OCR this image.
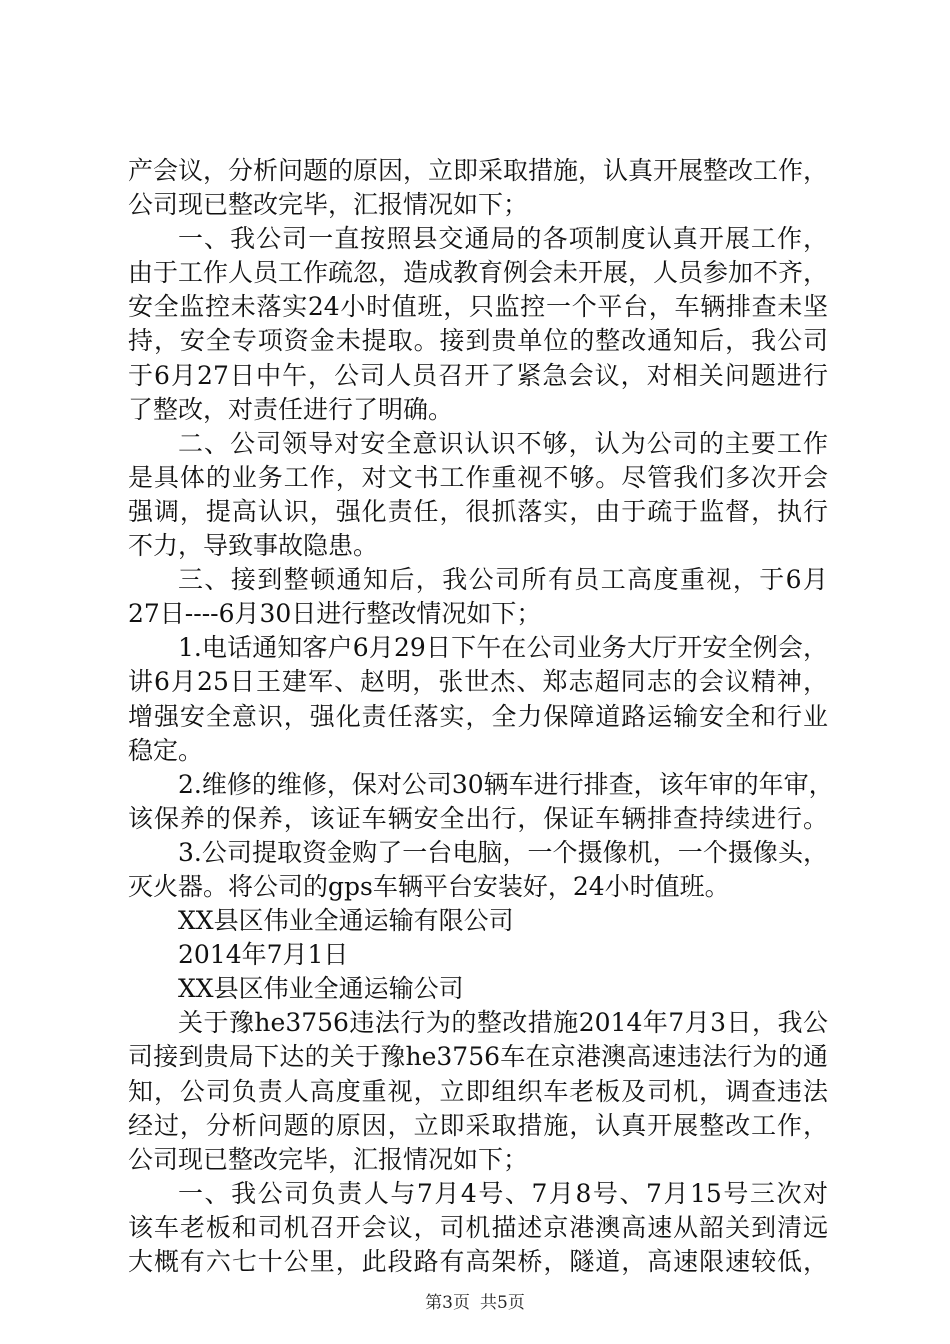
产会议，分析问题的原因，立即采取措施，认真开展整改工作，
公司现已整改完毕，汇报情况如下；
一、我公司一直按照县交通局的各项制度认真开展工作，
由于工作人员工作疏忽，造成教育例会未开展，人员参加不齐，
安全监控未落实24小时值班，只监控一个平台，车辆排查未坚
持，安全专项资金未提取。接到贵单位的整改通知后，我公司
于6月27日中午，公司人员召开了紧急会议，对相关问题进行
了整改，对责任进行了明确。
二、公司领导对安全意识认识不够，认为公司的主要工作
是具体的业务工作，对文书工作重视不够。尽管我们多次开会
强调，提高认识，强化责任，很抓落实，由于疏于监督，执行
不力，导致事故隐患。
三、接到整顿通知后，我公司所有员工高度重视，于6月
27日----6月30日进行整改情况如下；
1.电话通知客户6月29日下午在公司业务大厅开安全例会，
讲6月25日王建军、赵明，张世杰、郑志超同志的会议精神，
增强安全意识，强化责任落实，全力保障道路运输安全和行业
稳定。
2.维修的维修，保对公司30辆车进行排查，该年审的年审，
该保养的保养，该证车辆安全出行，保证车辆排查持续进行。
3.公司提取资金购了一台电脑，一个摄像机，一个摄像头，
灭火器。将公司的gps车辆平台安装好，24小时值班。
XX县区伟业全通运输有限公司
2014年7月1日
XX县区伟业全通运输公司
关于豫he3756违法行为的整改措施2014年7月3日，我公
司接到贵局下达的关于豫he3756车在京港澳高速违法行为的通
知，公司负责人高度重视，立即组织车老板及司机，调查违法
经过，分析问题的原因，立即采取措施，认真开展整改工作，
公司现已整改完毕，汇报情况如下；
一、我公司负责人与7月4号、7月8号、7月15号三次对
该车老板和司机召开会议，司机描述京港澳高速从韶关到清远
大概有六七十公里，此段路有高架桥，隧道，高速限速较低，
第3页 共5页
